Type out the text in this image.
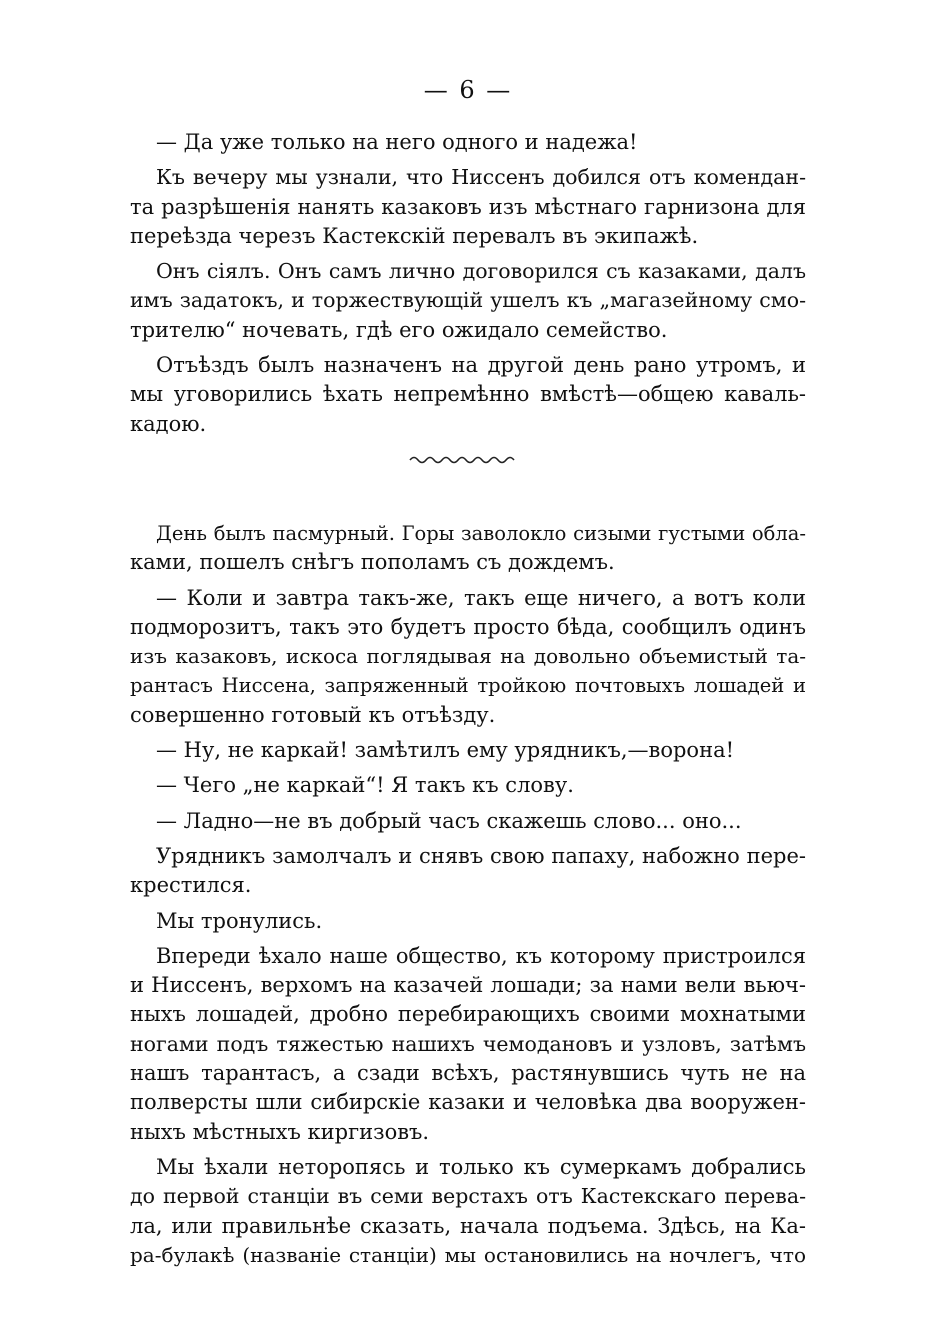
— 6 —
— Да уже только на него одного и надежа!
Къ вечеру мы узнали, что Ниссенъ добился отъ комендан-
та разрѣшенія нанять казаковъ изъ мѣстнаго гарнизона для
переѣзда черезъ Кастекскій перевалъ въ экипажѣ.
Онъ сіялъ. Онъ самъ лично договорился съ казаками, далъ
имъ задатокъ, и торжествующій ушелъ къ „магазейному смо-
трителю“ ночевать, гдѣ его ожидало семейство.
Отъѣздъ былъ назначенъ на другой день рано утромъ, и
мы уговорились ѣхать непремѣнно вмѣстѣ—общею каваль-
кадою.
День былъ пасмурный. Горы заволокло сизыми густыми обла-
ками, пошелъ снѣгъ пополамъ съ дождемъ.
— Коли и завтра такъ-же, такъ еще ничего, а вотъ коли
подморозитъ, такъ это будетъ просто бѣда, сообщилъ одинъ
изъ казаковъ, искоса поглядывая на довольно объемистый та-
рантасъ Ниссена, запряженный тройкою почтовыхъ лошадей и
совершенно готовый къ отъѣзду.
— Ну, не каркай! замѣтилъ ему урядникъ,—ворона!
— Чего „не каркай“! Я такъ къ слову.
— Ладно—не въ добрый часъ скажешь слово... оно...
Урядникъ замолчалъ и снявъ свою папаху, набожно пере-
крестился.
Мы тронулись.
Впереди ѣхало наше общество, къ которому пристроился
и Ниссенъ, верхомъ на казачей лошади; за нами вели вьюч-
ныхъ лошадей, дробно перебирающихъ своими мохнатыми
ногами подъ тяжестью нашихъ чемодановъ и узловъ, затѣмъ
нашъ тарантасъ, а сзади всѣхъ, растянувшись чуть не на
полверсты шли сибирскіе казаки и человѣка два вооружен-
ныхъ мѣстныхъ киргизовъ.
Мы ѣхали неторопясь и только къ сумеркамъ добрались
до первой станціи въ семи верстахъ отъ Кастекскаго перева-
ла, или правильнѣе сказать, начала подъема. Здѣсь, на Ка-
ра-булакѣ (названіе станціи) мы остановились на ночлегъ, что
